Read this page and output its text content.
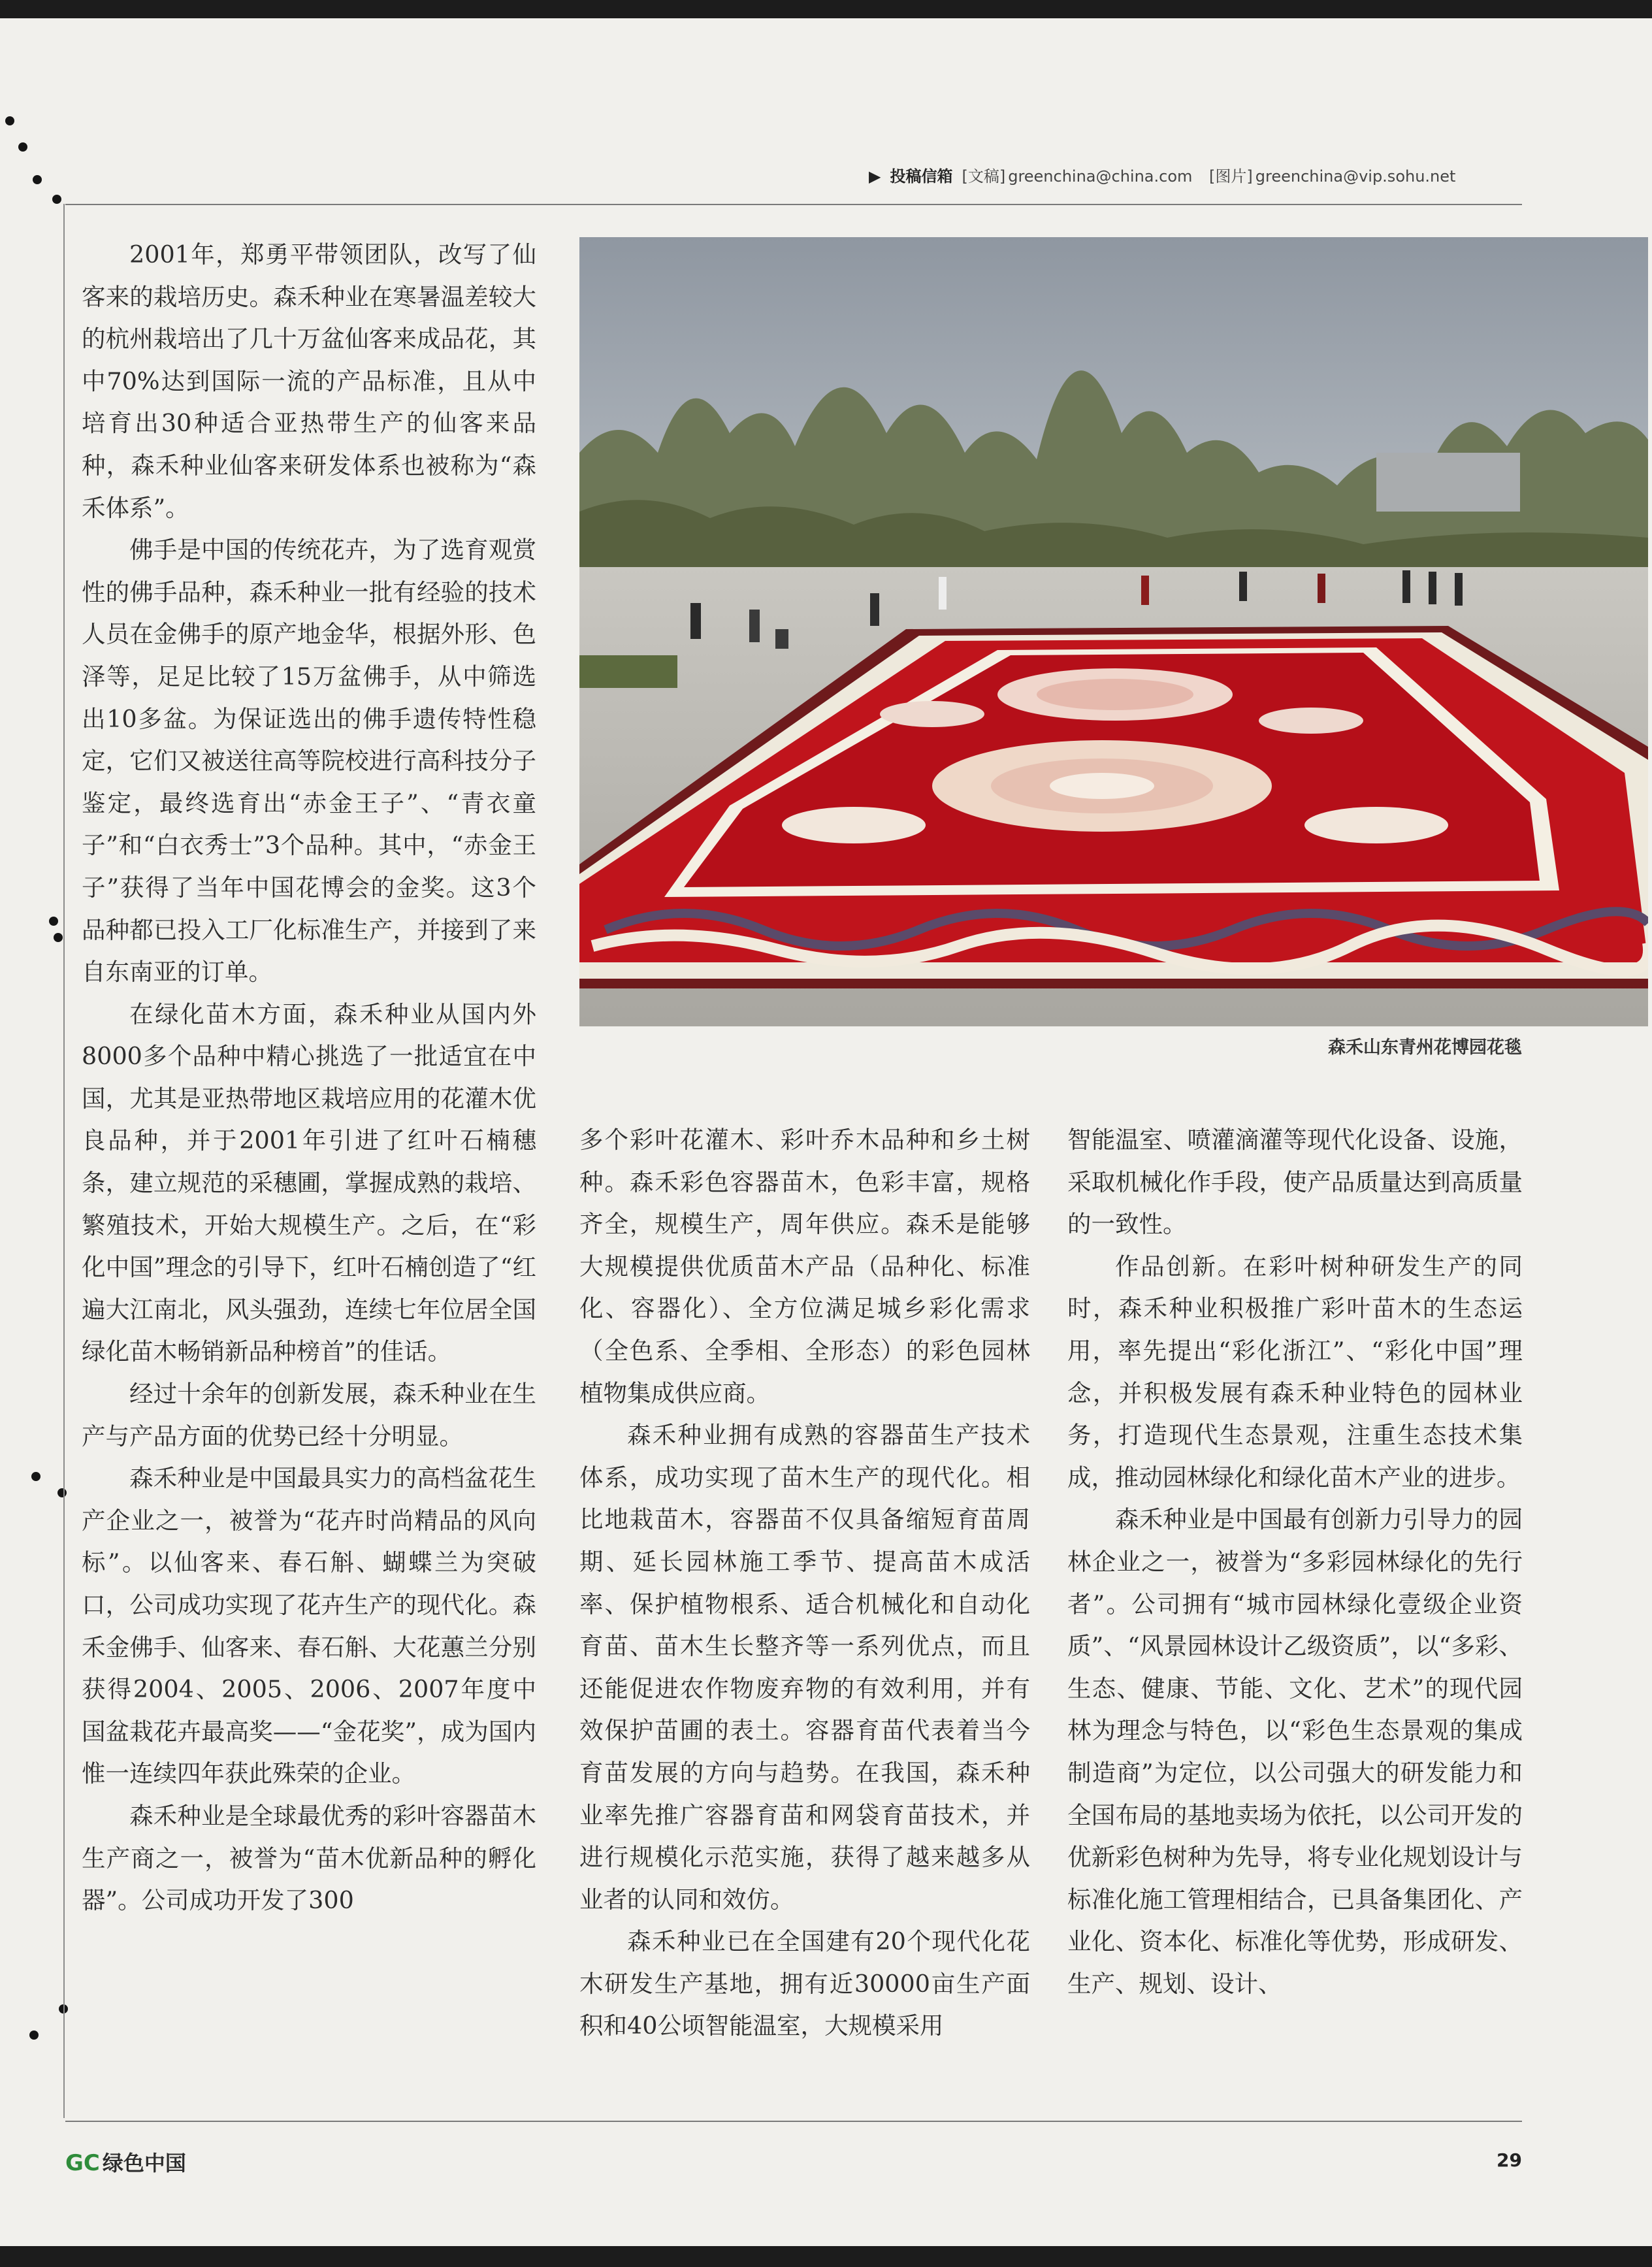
▶ 投稿信箱 [文稿] greenchina@china.com [图片] greenchina@vip.sohu.net

2001年，郑勇平带领团队，改写了仙客来的栽培历史。森禾种业在寒暑温差较大的杭州栽培出了几十万盆仙客来成品花，其中70%达到国际一流的产品标准，且从中培育出30种适合亚热带生产的仙客来品种，森禾种业仙客来研发体系也被称为“森禾体系”。

佛手是中国的传统花卉，为了选育观赏性的佛手品种，森禾种业一批有经验的技术人员在金佛手的原产地金华，根据外形、色泽等，足足比较了15万盆佛手，从中筛选出10多盆。为保证选出的佛手遗传特性稳定，它们又被送往高等院校进行高科技分子鉴定，最终选育出“赤金王子”、“青衣童子”和“白衣秀士”3个品种。其中，“赤金王子”获得了当年中国花博会的金奖。这3个品种都已投入工厂化标准生产，并接到了来自东南亚的订单。

在绿化苗木方面，森禾种业从国内外8000多个品种中精心挑选了一批适宜在中国，尤其是亚热带地区栽培应用的花灌木优良品种，并于2001年引进了红叶石楠穗条，建立规范的采穗圃，掌握成熟的栽培、繁殖技术，开始大规模生产。之后，在“彩化中国”理念的引导下，红叶石楠创造了“红遍大江南北，风头强劲，连续七年位居全国绿化苗木畅销新品种榜首”的佳话。

经过十余年的创新发展，森禾种业在生产与产品方面的优势已经十分明显。

森禾种业是中国最具实力的高档盆花生产企业之一，被誉为“花卉时尚精品的风向标”。以仙客来、春石斛、蝴蝶兰为突破口，公司成功实现了花卉生产的现代化。森禾金佛手、仙客来、春石斛、大花蕙兰分别获得2004、2005、2006、2007年度中国盆栽花卉最高奖——“金花奖”，成为国内惟一连续四年获此殊荣的企业。

森禾种业是全球最优秀的彩叶容器苗木生产商之一，被誉为“苗木优新品种的孵化器”。公司成功开发了300

森禾山东青州花博园花毯

多个彩叶花灌木、彩叶乔木品种和乡土树种。森禾彩色容器苗木，色彩丰富，规格齐全，规模生产，周年供应。森禾是能够大规模提供优质苗木产品（品种化、标准化、容器化）、全方位满足城乡彩化需求（全色系、全季相、全形态）的彩色园林植物集成供应商。

森禾种业拥有成熟的容器苗生产技术体系，成功实现了苗木生产的现代化。相比地栽苗木，容器苗不仅具备缩短育苗周期、延长园林施工季节、提高苗木成活率、保护植物根系、适合机械化和自动化育苗、苗木生长整齐等一系列优点，而且还能促进农作物废弃物的有效利用，并有效保护苗圃的表土。容器育苗代表着当今育苗发展的方向与趋势。在我国，森禾种业率先推广容器育苗和网袋育苗技术，并进行规模化示范实施，获得了越来越多从业者的认同和效仿。

森禾种业已在全国建有20个现代化花木研发生产基地，拥有近30000亩生产面积和40公顷智能温室，大规模采用

智能温室、喷灌滴灌等现代化设备、设施，采取机械化作手段，使产品质量达到高质量的一致性。

作品创新。在彩叶树种研发生产的同时，森禾种业积极推广彩叶苗木的生态运用，率先提出“彩化浙江”、“彩化中国”理念，并积极发展有森禾种业特色的园林业务，打造现代生态景观，注重生态技术集成，推动园林绿化和绿化苗木产业的进步。

森禾种业是中国最有创新力引导力的园林企业之一，被誉为“多彩园林绿化的先行者”。公司拥有“城市园林绿化壹级企业资质”、“风景园林设计乙级资质”，以“多彩、生态、健康、节能、文化、艺术”的现代园林为理念与特色，以“彩色生态景观的集成制造商”为定位，以公司强大的研发能力和全国布局的基地卖场为依托，以公司开发的优新彩色树种为先导，将专业化规划设计与标准化施工管理相结合，已具备集团化、产业化、资本化、标准化等优势，形成研发、生产、规划、设计、

GC 绿色中国	29
